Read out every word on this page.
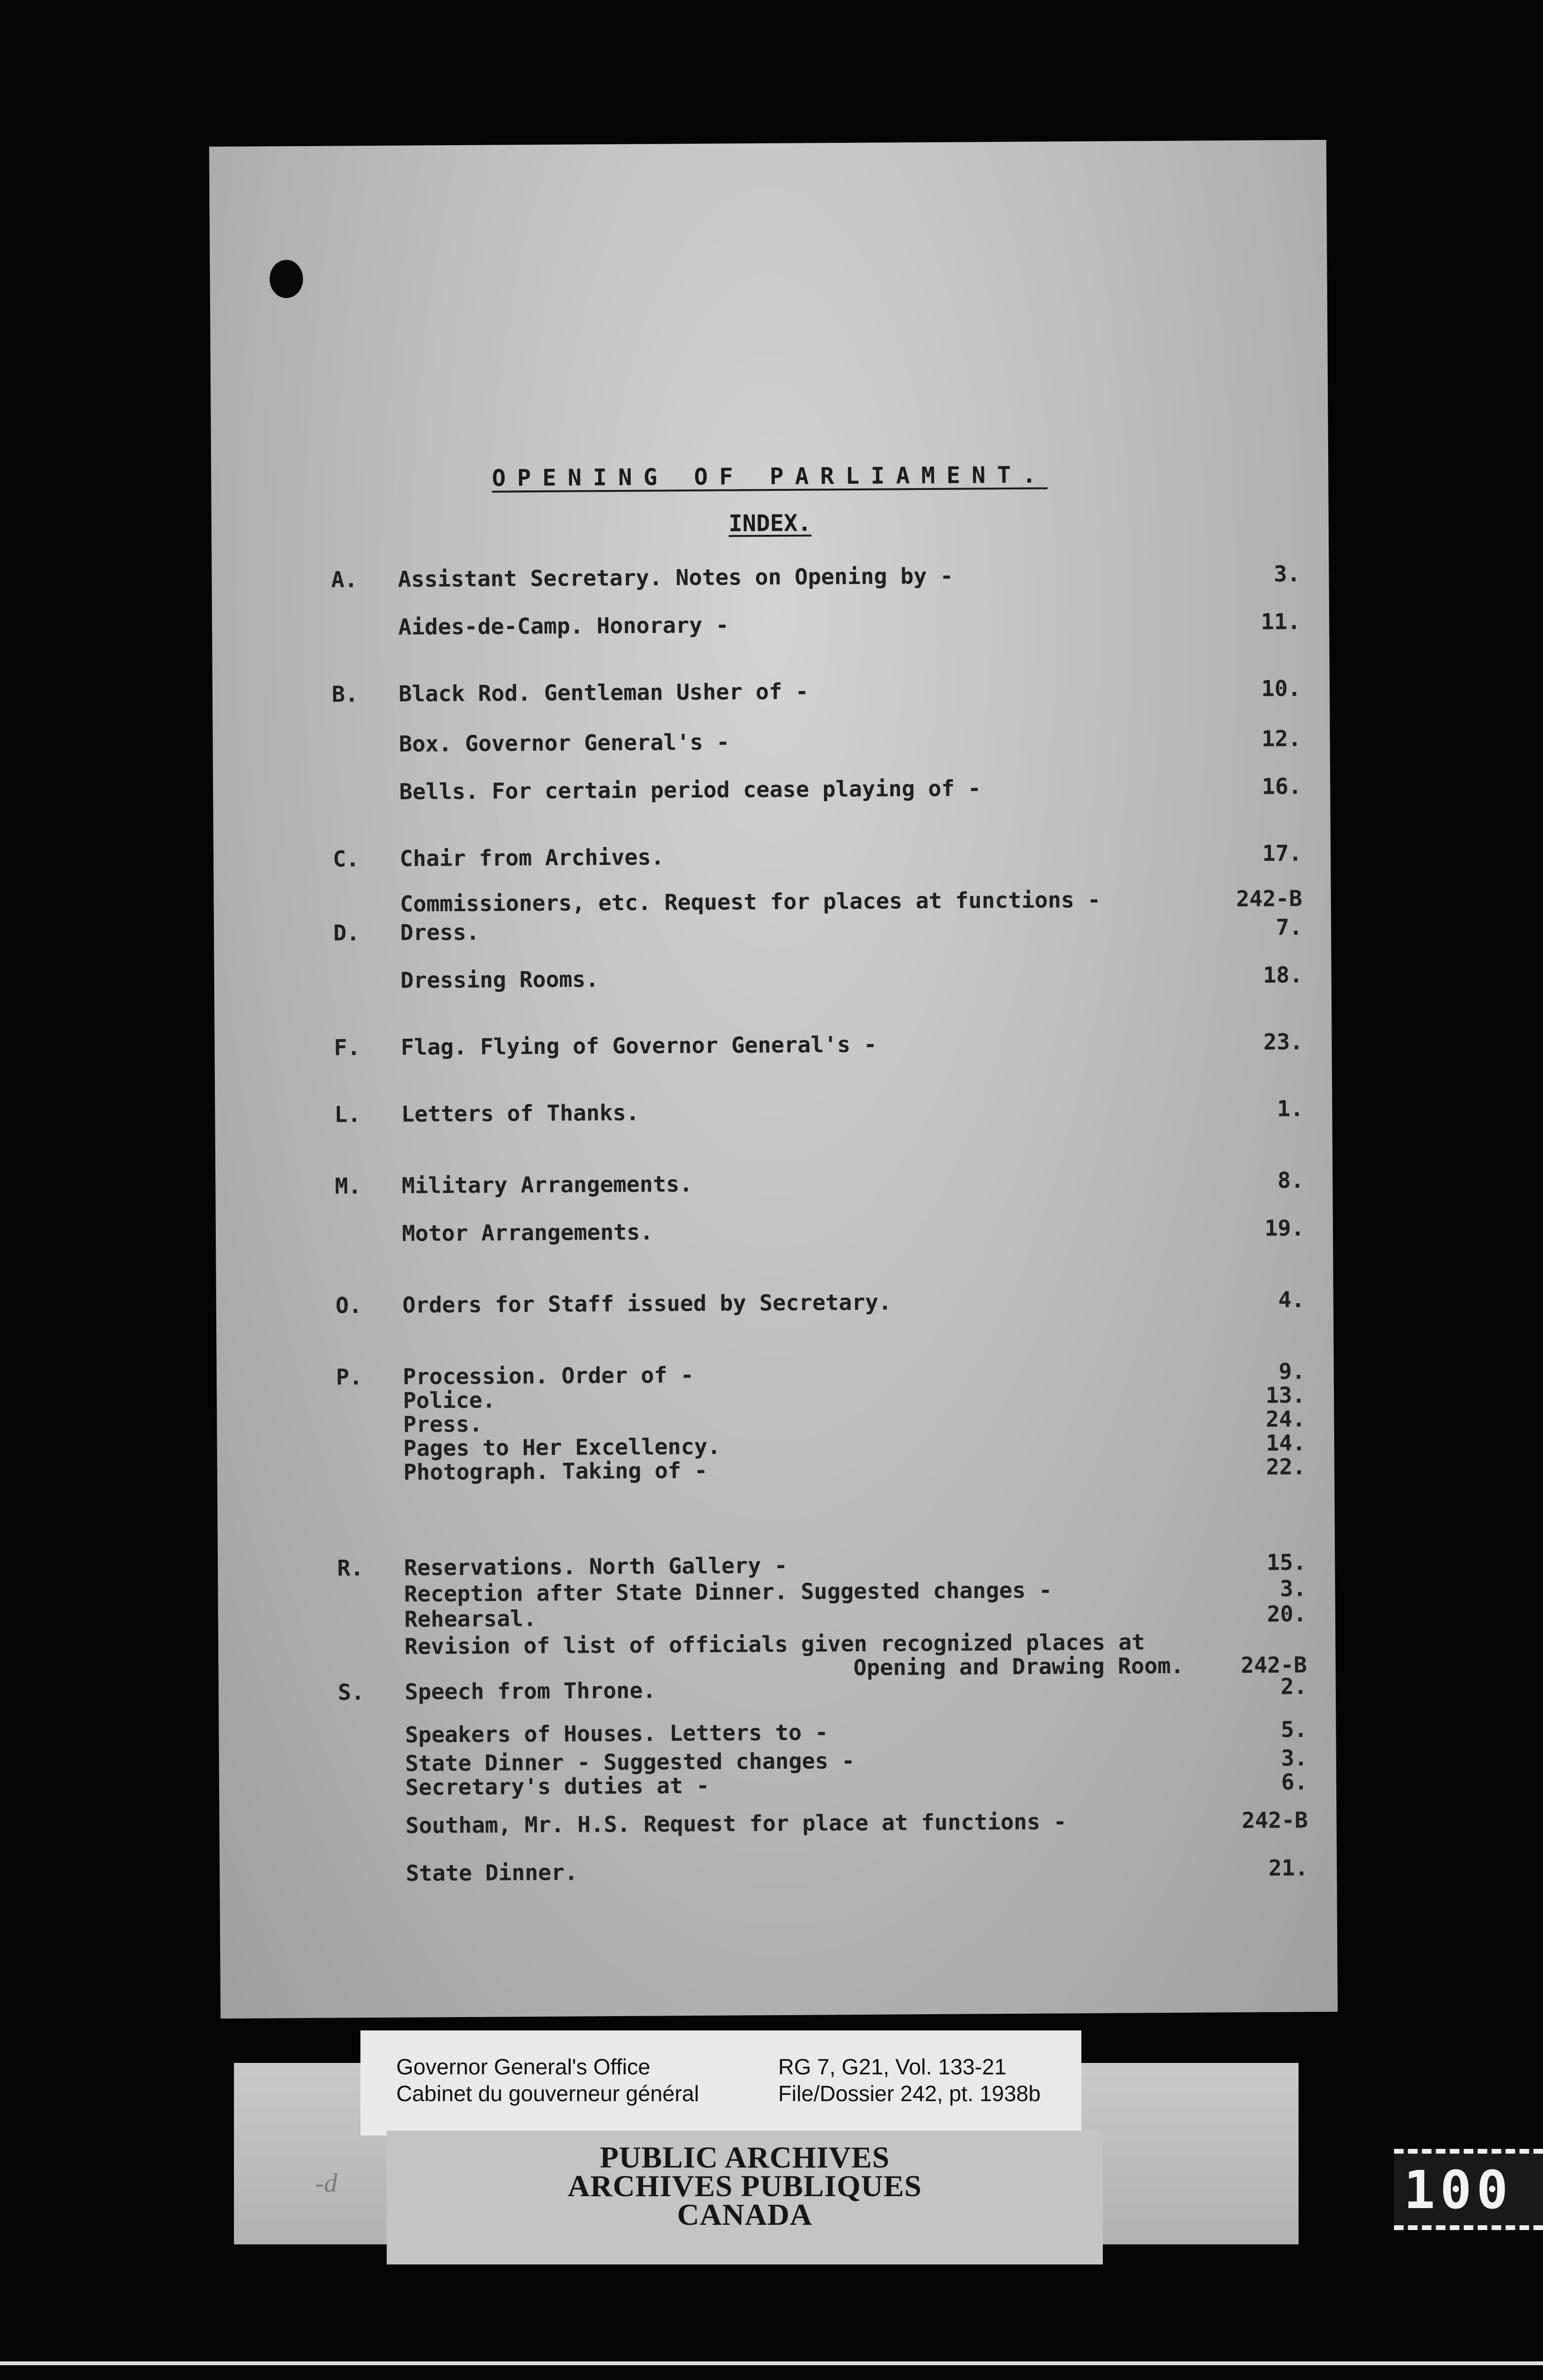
OPENING OF PARLIAMENT.
INDEX.
A. Assistant Secretary. Notes on Opening by -	3.
Aides-de-Camp. Honorary -	11.
B. Black Rod. Gentleman Usher of -	10.
Box. Governor General's -	12.
Bells. For certain period cease playing of -	16.
C. Chair from Archives.	17.
Commissioners, etc. Request for places at functions -	242-B
D. Dress.	7.
Dressing Rooms.	18.
F. Flag. Flying of Governor General's -	23.
L. Letters of Thanks.	1.
M. Military Arrangements.	8.
Motor Arrangements.	19.
O. Orders for Staff issued by Secretary.	4.
P. Procession. Order of -	9.
Police.	13.
Press.	24.
Pages to Her Excellency.	14.
Photograph. Taking of -	22.
R. Reservations. North Gallery -	15.
Reception after State Dinner. Suggested changes -	3.
Rehearsal.	20.
Revision of list of officials given recognized places at
Opening and Drawing Room.	242-B
S. Speech from Throne.	2.
Speakers of Houses. Letters to -	5.
State Dinner - Suggested changes -	3.
Secretary's duties at -	6.
Southam, Mr. H.S. Request for place at functions -	242-B
State Dinner.	21.
-d
Governor General's Office
Cabinet du gouverneur général
RG 7, G21, Vol. 133-21
File/Dossier 242, pt. 1938b
PUBLIC ARCHIVES
ARCHIVES PUBLIQUES
CANADA	100
